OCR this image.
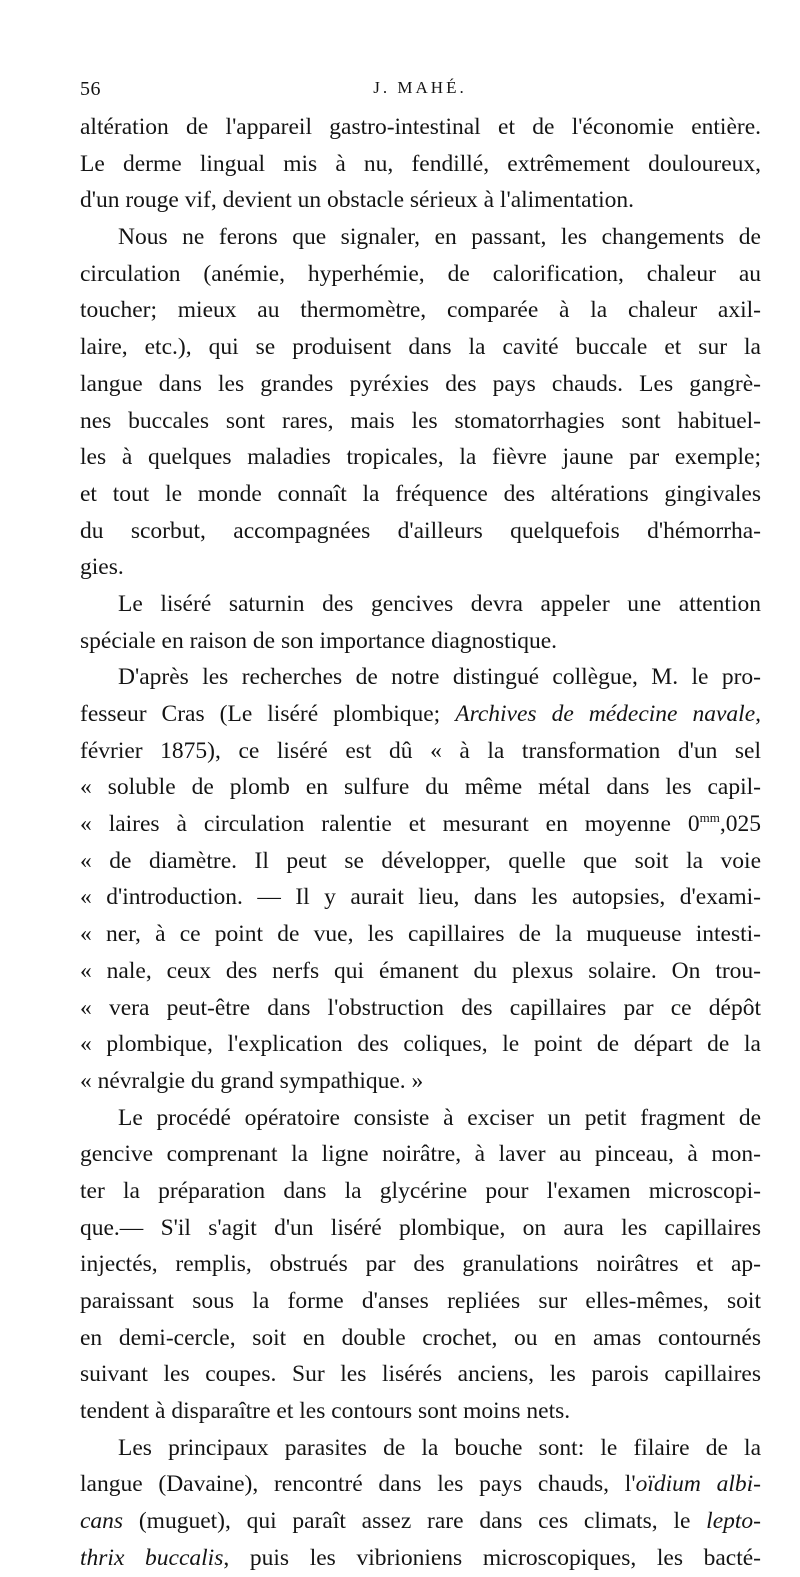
56	J. MAHÉ.
altération de l'appareil gastro-intestinal et de l'économie entière.
Le derme lingual mis à nu, fendillé, extrêmement douloureux,
d'un rouge vif, devient un obstacle sérieux à l'alimentation.
Nous ne ferons que signaler, en passant, les changements de
circulation (anémie, hyperhémie, de calorification, chaleur au
toucher; mieux au thermomètre, comparée à la chaleur axil-
laire, etc.), qui se produisent dans la cavité buccale et sur la
langue dans les grandes pyréxies des pays chauds. Les gangrè-
nes buccales sont rares, mais les stomatorrhagies sont habituel-
les à quelques maladies tropicales, la fièvre jaune par exemple;
et tout le monde connaît la fréquence des altérations gingivales
du scorbut, accompagnées d'ailleurs quelquefois d'hémorrha-
gies.
Le liséré saturnin des gencives devra appeler une attention
spéciale en raison de son importance diagnostique.
D'après les recherches de notre distingué collègue, M. le pro-
fesseur Cras (Le liséré plombique; Archives de médecine navale,
février 1875), ce liséré est dû « à la transformation d'un sel
« soluble de plomb en sulfure du même métal dans les capil-
« laires à circulation ralentie et mesurant en moyenne $0^{mm},025$
« de diamètre. Il peut se développer, quelle que soit la voie
« d'introduction. — Il y aurait lieu, dans les autopsies, d'exami-
« ner, à ce point de vue, les capillaires de la muqueuse intesti-
« nale, ceux des nerfs qui émanent du plexus solaire. On trou-
« vera peut-être dans l'obstruction des capillaires par ce dépôt
« plombique, l'explication des coliques, le point de départ de la
« névralgie du grand sympathique. »
Le procédé opératoire consiste à exciser un petit fragment de
gencive comprenant la ligne noirâtre, à laver au pinceau, à mon-
ter la préparation dans la glycérine pour l'examen microscopi-
que.— S'il s'agit d'un liséré plombique, on aura les capillaires
injectés, remplis, obstrués par des granulations noirâtres et ap-
paraissant sous la forme d'anses repliées sur elles-mêmes, soit
en demi-cercle, soit en double crochet, ou en amas contournés
suivant les coupes. Sur les lisérés anciens, les parois capillaires
tendent à disparaître et les contours sont moins nets.
Les principaux parasites de la bouche sont: le filaire de la
langue (Davaine), rencontré dans les pays chauds, l'oïdium albi-
cans (muguet), qui paraît assez rare dans ces climats, le lepto-
thrix buccalis, puis les vibrioniens microscopiques, les bacté-
